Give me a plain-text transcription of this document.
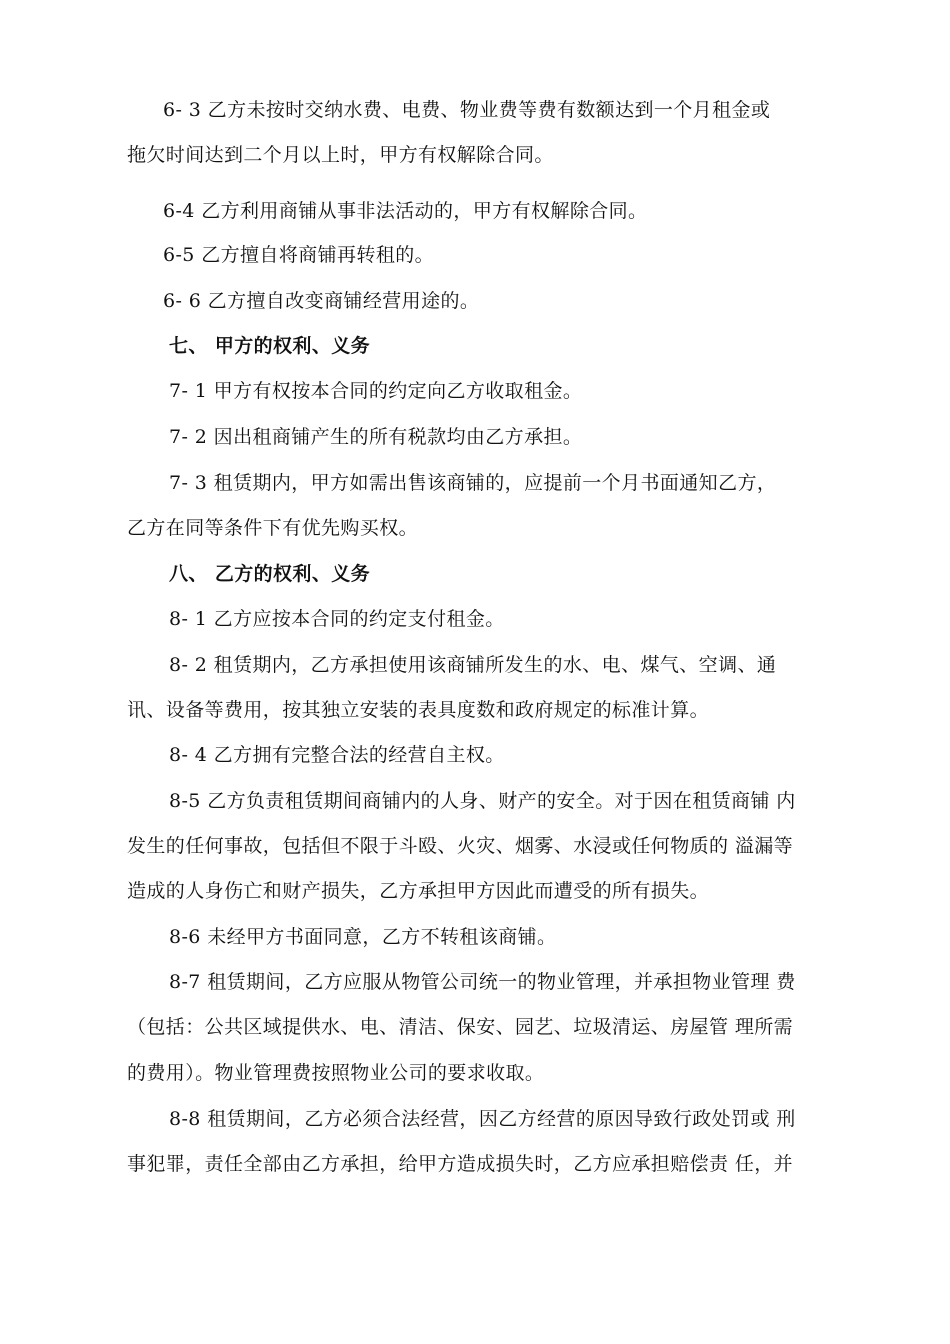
6- 3 乙方未按时交纳水费、电费、物业费等费有数额达到一个月租金或
拖欠时间达到二个月以上时，甲方有权解除合同。
6-4 乙方利用商铺从事非法活动的，甲方有权解除合同。
6-5 乙方擅自将商铺再转租的。
6- 6 乙方擅自改变商铺经营用途的。
七、 甲方的权利、义务
7- 1 甲方有权按本合同的约定向乙方收取租金。
7- 2 因出租商铺产生的所有税款均由乙方承担。
7- 3 租赁期内，甲方如需出售该商铺的，应提前一个月书面通知乙方，
乙方在同等条件下有优先购买权。
八、 乙方的权利、义务
8- 1 乙方应按本合同的约定支付租金。
8- 2 租赁期内，乙方承担使用该商铺所发生的水、电、煤气、空调、通
讯、设备等费用，按其独立安装的表具度数和政府规定的标准计算。
8- 4 乙方拥有完整合法的经营自主权。
8-5 乙方负责租赁期间商铺内的人身、财产的安全。对于因在租赁商铺 内
发生的任何事故，包括但不限于斗殴、火灾、烟雾、水浸或任何物质的 溢漏等
造成的人身伤亡和财产损失，乙方承担甲方因此而遭受的所有损失。
8-6 未经甲方书面同意，乙方不转租该商铺。
8-7 租赁期间，乙方应服从物管公司统一的物业管理，并承担物业管理 费
（包括：公共区域提供水、电、清洁、保安、园艺、垃圾清运、房屋管 理所需
的费用）。物业管理费按照物业公司的要求收取。
8-8 租赁期间，乙方必须合法经营，因乙方经营的原因导致行政处罚或 刑
事犯罪，责任全部由乙方承担，给甲方造成损失时，乙方应承担赔偿责 任，并
